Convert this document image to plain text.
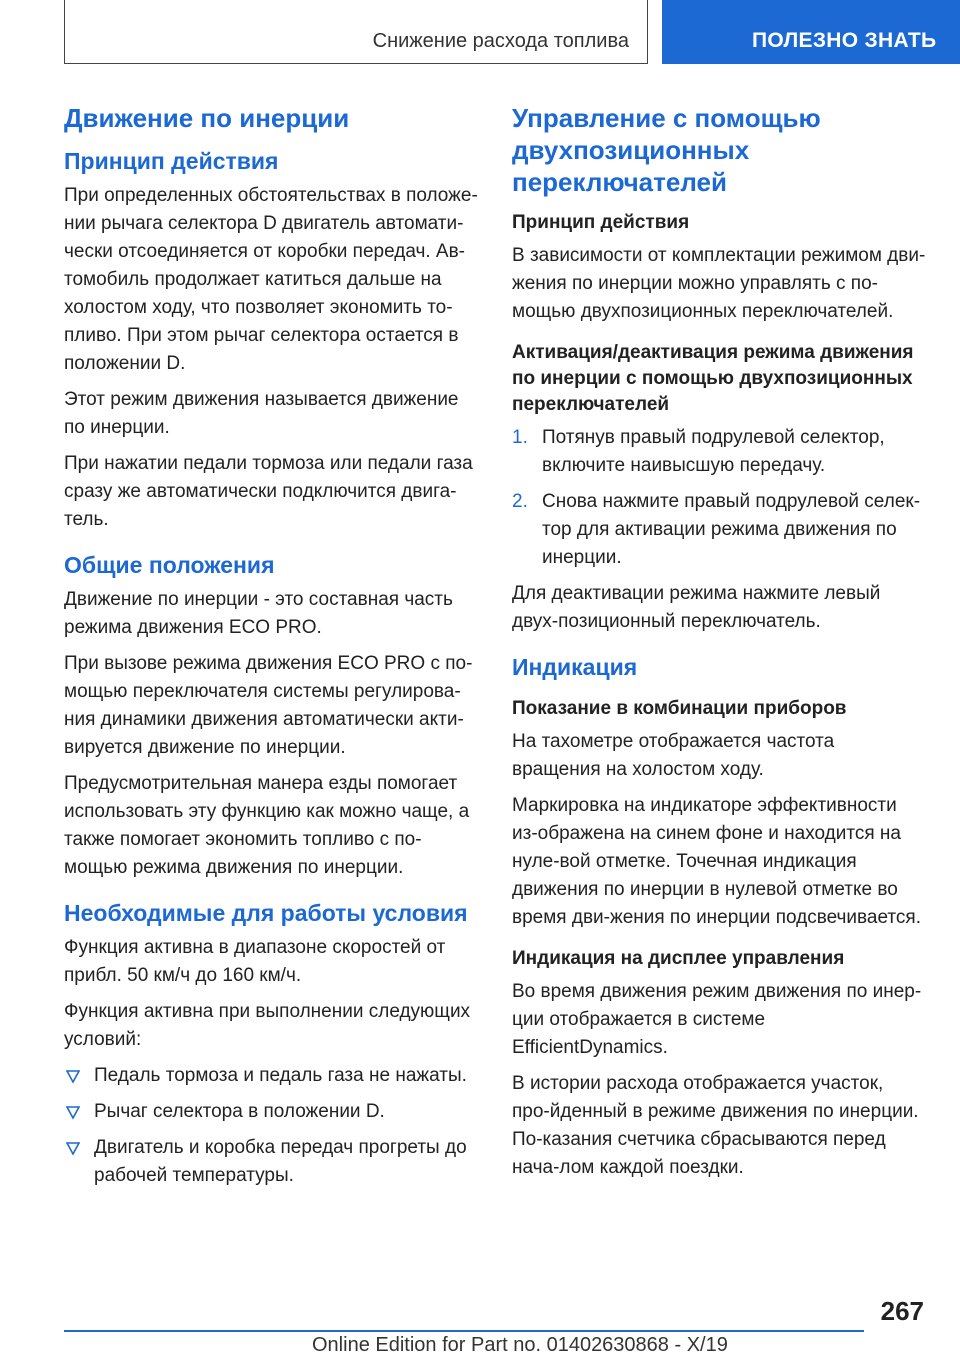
Снижение расхода топлива	ПОЛЕЗНО ЗНАТЬ
Движение по инерции
Принцип действия
При определенных обстоятельствах в положе-нии рычага селектора D двигатель автомати-чески отсоединяется от коробки передач. Ав-томобиль продолжает катиться дальше на холостом ходу, что позволяет экономить то-пливо. При этом рычаг селектора остается в положении D.
Этот режим движения называется движение по инерции.
При нажатии педали тормоза или педали газа сразу же автоматически подключится двига-тель.
Общие положения
Движение по инерции - это составная часть режима движения ECO PRO.
При вызове режима движения ECO PRO с по-мощью переключателя системы регулирова-ния динамики движения автоматически акти-вируется движение по инерции.
Предусмотрительная манера езды помогает использовать эту функцию как можно чаще, а также помогает экономить топливо с по-мощью режима движения по инерции.
Необходимые для работы условия
Функция активна в диапазоне скоростей от прибл. 50 км/ч до 160 км/ч.
Функция активна при выполнении следующих условий:
Педаль тормоза и педаль газа не нажаты.
Рычаг селектора в положении D.
Двигатель и коробка передач прогреты до рабочей температуры.
Управление с помощью двухпозиционных переключателей
Принцип действия
В зависимости от комплектации режимом дви-жения по инерции можно управлять с по-мощью двухпозиционных переключателей.
Активация/деактивация режима движения по инерции с помощью двухпозиционных переключателей
1. Потянув правый подрулевой селектор, включите наивысшую передачу.
2. Снова нажмите правый подрулевой селек-тор для активации режима движения по инерции.
Для деактивации режима нажмите левый двух-позиционный переключатель.
Индикация
Показание в комбинации приборов
На тахометре отображается частота вращения на холостом ходу.
Маркировка на индикаторе эффективности из-ображена на синем фоне и находится на нуле-вой отметке. Точечная индикация движения по инерции в нулевой отметке во время дви-жения по инерции подсвечивается.
Индикация на дисплее управления
Во время движения режим движения по инер-ции отображается в системе EfficientDynamics.
В истории расхода отображается участок, про-йденный в режиме движения по инерции. По-казания счетчика сбрасываются перед нача-лом каждой поездки.
267
Online Edition for Part no. 01402630868 - X/19
